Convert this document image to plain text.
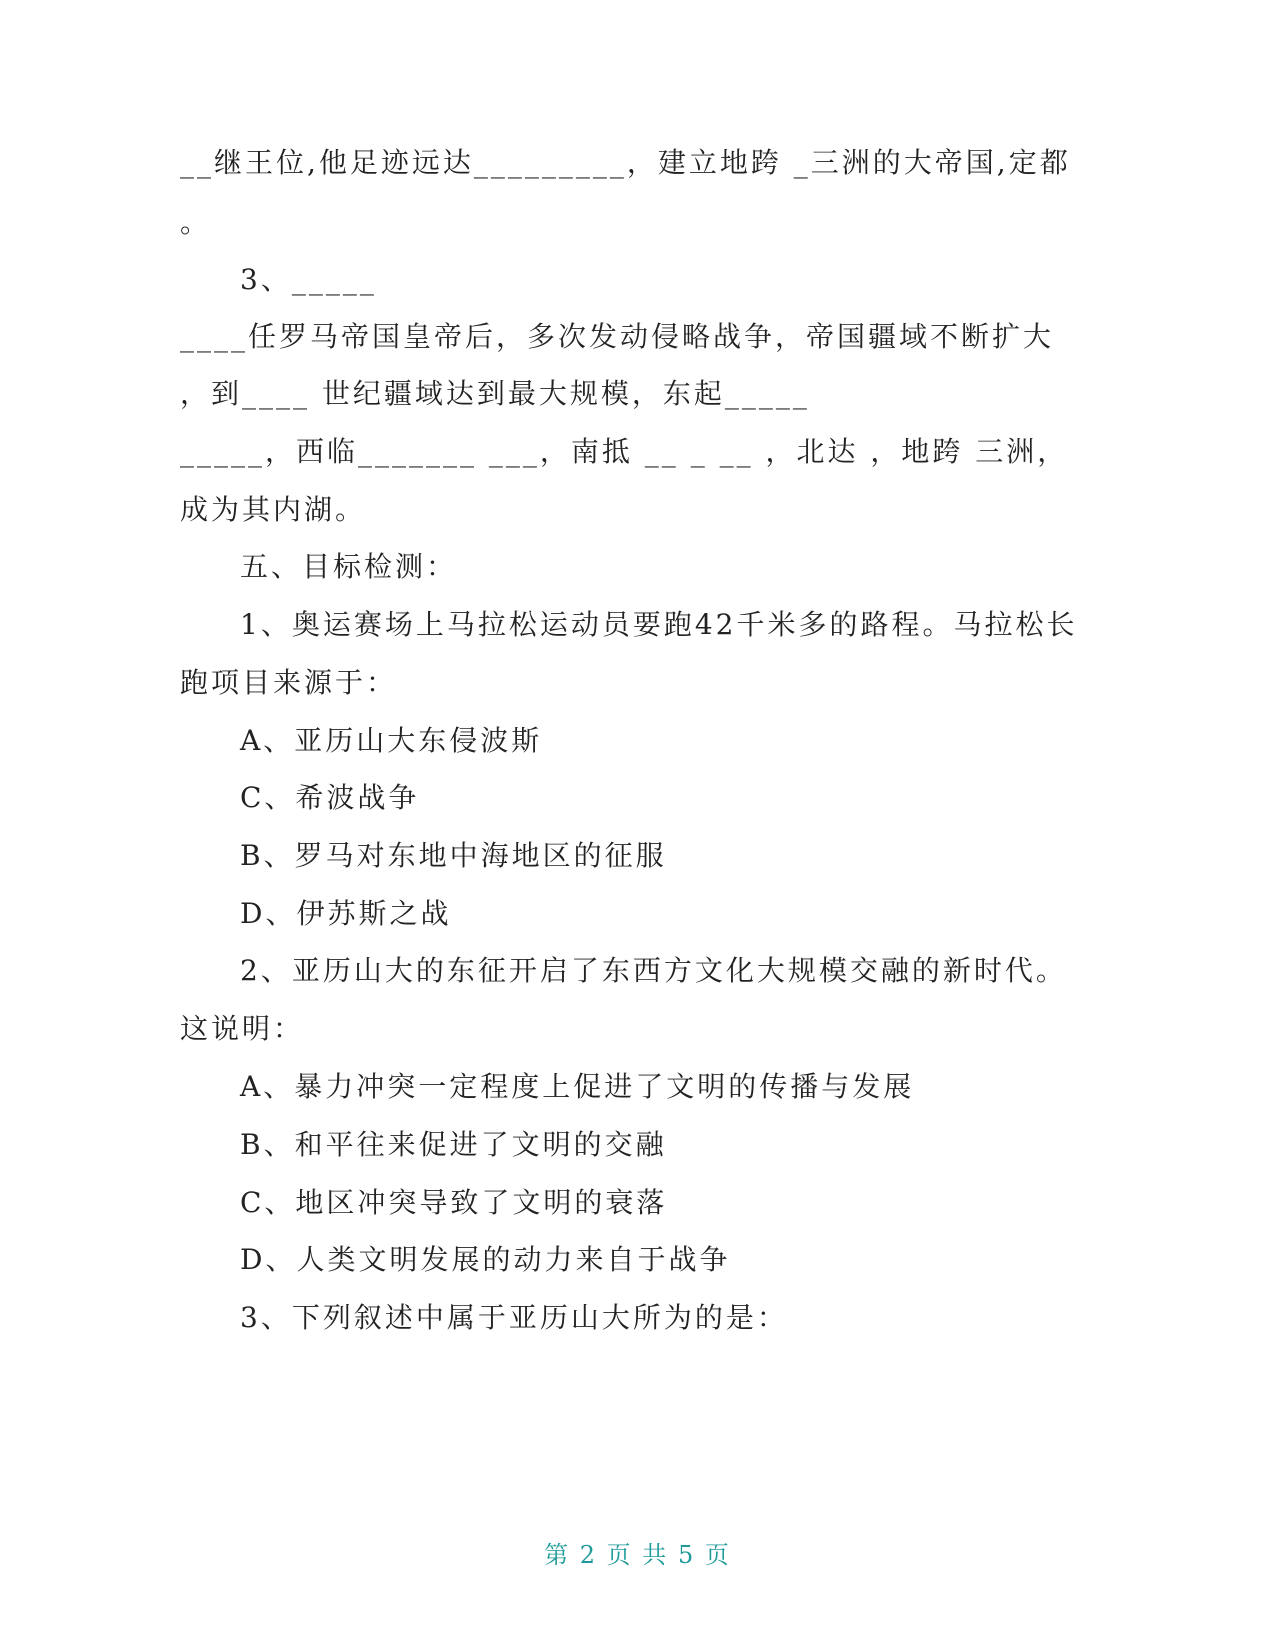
__继王位,他足迹远达_________，建立地跨 _三洲的大帝国,定都
。
3、_____
____任罗马帝国皇帝后，多次发动侵略战争，帝国疆域不断扩大
，到____ 世纪疆域达到最大规模，东起_____
_____，西临_______ ___，南抵 __ _ __ ，北达 ，地跨 三洲，
成为其内湖。
五、目标检测：
1、奥运赛场上马拉松运动员要跑42千米多的路程。马拉松长
跑项目来源于：
A、亚历山大东侵波斯
C、希波战争
B、罗马对东地中海地区的征服
D、伊苏斯之战
2、亚历山大的东征开启了东西方文化大规模交融的新时代。
这说明：
A、暴力冲突一定程度上促进了文明的传播与发展
B、和平往来促进了文明的交融
C、地区冲突导致了文明的衰落
D、人类文明发展的动力来自于战争
3、下列叙述中属于亚历山大所为的是：
第 2 页 共 5 页
